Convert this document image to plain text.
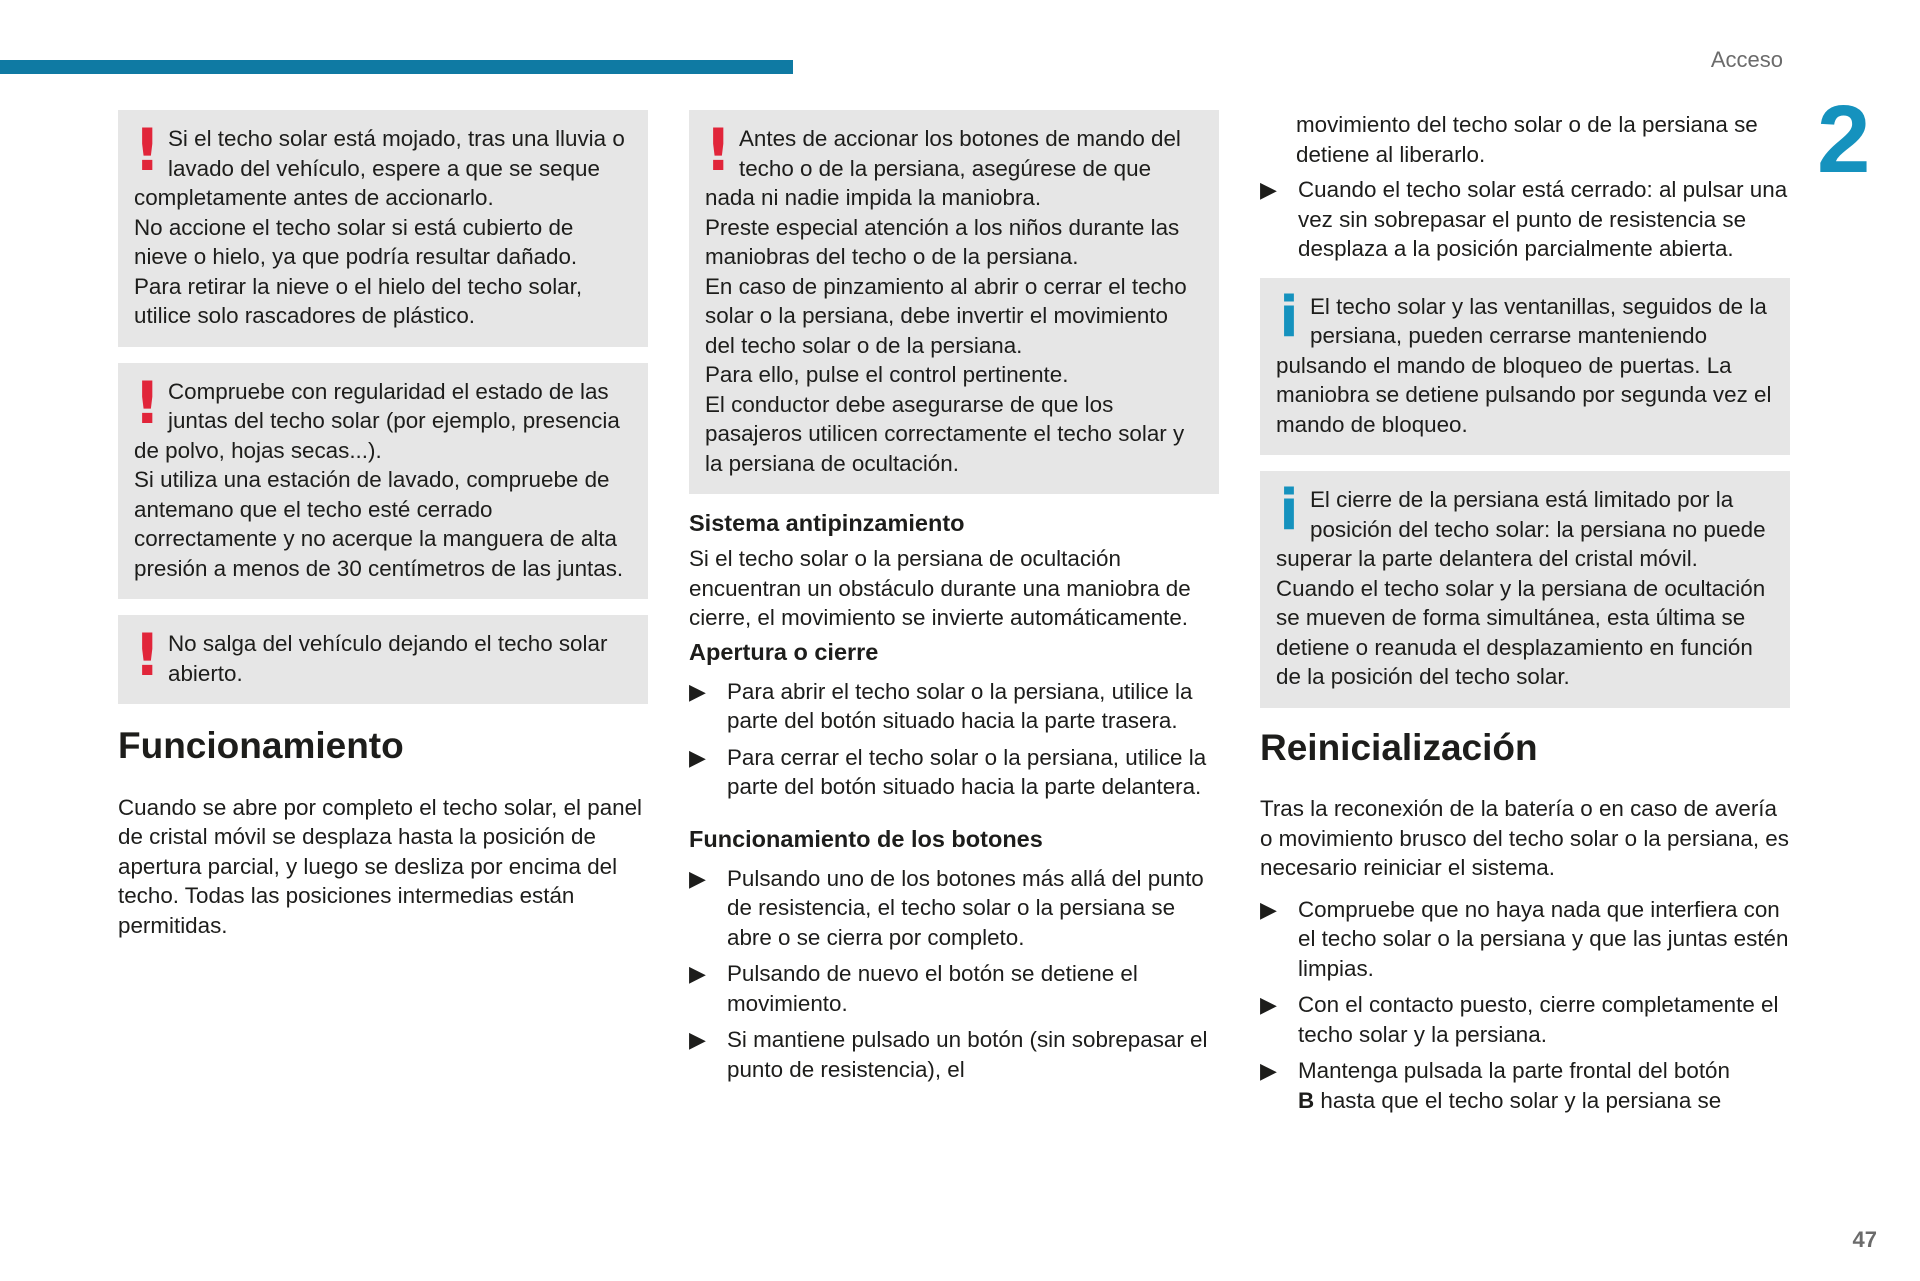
Acceso
2
! Si el techo solar está mojado, tras una lluvia o lavado del vehículo, espere a que se seque completamente antes de accionarlo.

No accione el techo solar si está cubierto de nieve o hielo, ya que podría resultar dañado.

Para retirar la nieve o el hielo del techo solar, utilice solo rascadores de plástico.

! Compruebe con regularidad el estado de las juntas del techo solar (por ejemplo, presencia de polvo, hojas secas...).

Si utiliza una estación de lavado, compruebe de antemano que el techo esté cerrado correctamente y no acerque la manguera de alta presión a menos de 30 centímetros de las juntas.

! No salga del vehículo dejando el techo solar abierto.

Funcionamiento
Cuando se abre por completo el techo solar, el panel de cristal móvil se desplaza hasta la posición de apertura parcial, y luego se desliza por encima del techo. Todas las posiciones intermedias están permitidas.
! Antes de accionar los botones de mando del techo o de la persiana, asegúrese de que nada ni nadie impida la maniobra.

Preste especial atención a los niños durante las maniobras del techo o de la persiana.

En caso de pinzamiento al abrir o cerrar el techo solar o la persiana, debe invertir el movimiento del techo solar o de la persiana.

Para ello, pulse el control pertinente.

El conductor debe asegurarse de que los pasajeros utilicen correctamente el techo solar y la persiana de ocultación.

Sistema antipinzamiento
Si el techo solar o la persiana de ocultación encuentran un obstáculo durante una maniobra de cierre, el movimiento se invierte automáticamente.
Apertura o cierre
▶ Para abrir el techo solar o la persiana, utilice la parte del botón situado hacia la parte trasera.
▶ Para cerrar el techo solar o la persiana, utilice la parte del botón situado hacia la parte delantera.
Funcionamiento de los botones
▶ Pulsando uno de los botones más allá del punto de resistencia, el techo solar o la persiana se abre o se cierra por completo.
▶ Pulsando de nuevo el botón se detiene el movimiento.
▶ Si mantiene pulsado un botón (sin sobrepasar el punto de resistencia), el
movimiento del techo solar o de la persiana se detiene al liberarlo.
▶ Cuando el techo solar está cerrado: al pulsar una vez sin sobrepasar el punto de resistencia se desplaza a la posición parcialmente abierta.
i El techo solar y las ventanillas, seguidos de la persiana, pueden cerrarse manteniendo pulsando el mando de bloqueo de puertas. La maniobra se detiene pulsando por segunda vez el mando de bloqueo.

i El cierre de la persiana está limitado por la posición del techo solar: la persiana no puede superar la parte delantera del cristal móvil.

Cuando el techo solar y la persiana de ocultación se mueven de forma simultánea, esta última se detiene o reanuda el desplazamiento en función de la posición del techo solar.

Reinicialización
Tras la reconexión de la batería o en caso de avería o movimiento brusco del techo solar o la persiana, es necesario reiniciar el sistema.
▶ Compruebe que no haya nada que interfiera con el techo solar o la persiana y que las juntas estén limpias.
▶ Con el contacto puesto, cierre completamente el techo solar y la persiana.
▶ Mantenga pulsada la parte frontal del botón
B hasta que el techo solar y la persiana se
47
